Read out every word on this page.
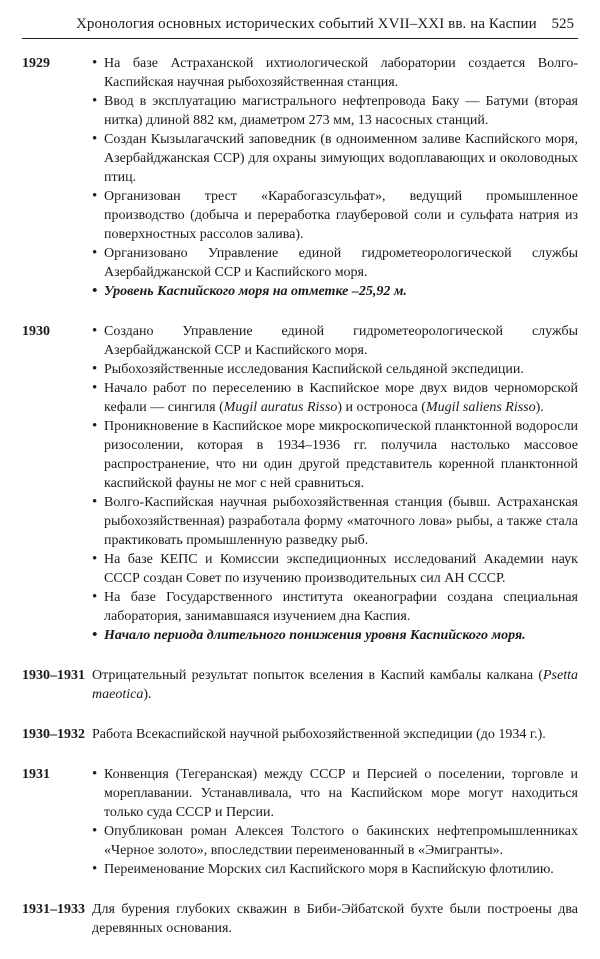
Хронология основных исторических событий XVII–XXI вв. на Каспии 525
1929	• На базе Астраханской ихтиологической лаборатории создается Волго-Каспийская научная рыбохозяйственная станция.
• Ввод в эксплуатацию магистрального нефтепровода Баку — Батуми (вторая нитка) длиной 882 км, диаметром 273 мм, 13 насосных станций.
• Создан Кызылагачский заповедник (в одноименном заливе Каспийского моря, Азербайджанская ССР) для охраны зимующих водоплавающих и околоводных птиц.
• Организован трест «Карабогазсульфат», ведущий промышленное производство (добыча и переработка глауберовой соли и сульфата натрия из поверхностных рассолов залива).
• Организовано Управление единой гидрометеорологической службы Азербайджанской ССР и Каспийского моря.
• Уровень Каспийского моря на отметке –25,92 м.
1930	• Создано Управление единой гидрометеорологической службы Азербайджанской ССР и Каспийского моря.
• Рыбохозяйственные исследования Каспийской сельдяной экспедиции.
• Начало работ по переселению в Каспийское море двух видов черноморской кефали — сингиля (Mugil auratus Risso) и остроноса (Mugil saliens Risso).
• Проникновение в Каспийское море микроскопической планктонной водоросли ризосолении, которая в 1934–1936 гг. получила настолько массовое распространение, что ни один другой представитель коренной планктонной каспийской фауны не мог с ней сравниться.
• Волго-Каспийская научная рыбохозяйственная станция (бывш. Астраханская рыбохозяйственная) разработала форму «маточного лова» рыбы, а также стала практиковать промышленную разведку рыб.
• На базе КЕПС и Комиссии экспедиционных исследований Академии наук СССР создан Совет по изучению производительных сил АН СССР.
• На базе Государственного института океанографии создана специальная лаборатория, занимавшаяся изучением дна Каспия.
• Начало периода длительного понижения уровня Каспийского моря.
1930–1931 Отрицательный результат попыток вселения в Каспий камбалы калкана (Psetta maeotica).

1930–1932 Работа Всекаспийской научной рыбохозяйственной экспедиции (до 1934 г.).

1931	• Конвенция (Тегеранская) между СССР и Персией о поселении, торговле и мореплавании. Устанавливала, что на Каспийском море могут находиться только суда СССР и Персии.
• Опубликован роман Алексея Толстого о бакинских нефтепромышленниках «Черное золото», впоследствии переименованный в «Эмигранты».
• Переименование Морских сил Каспийского моря в Каспийскую флотилию.
1931–1933 Для бурения глубоких скважин в Биби-Эйбатской бухте были построены два деревянных основания.
